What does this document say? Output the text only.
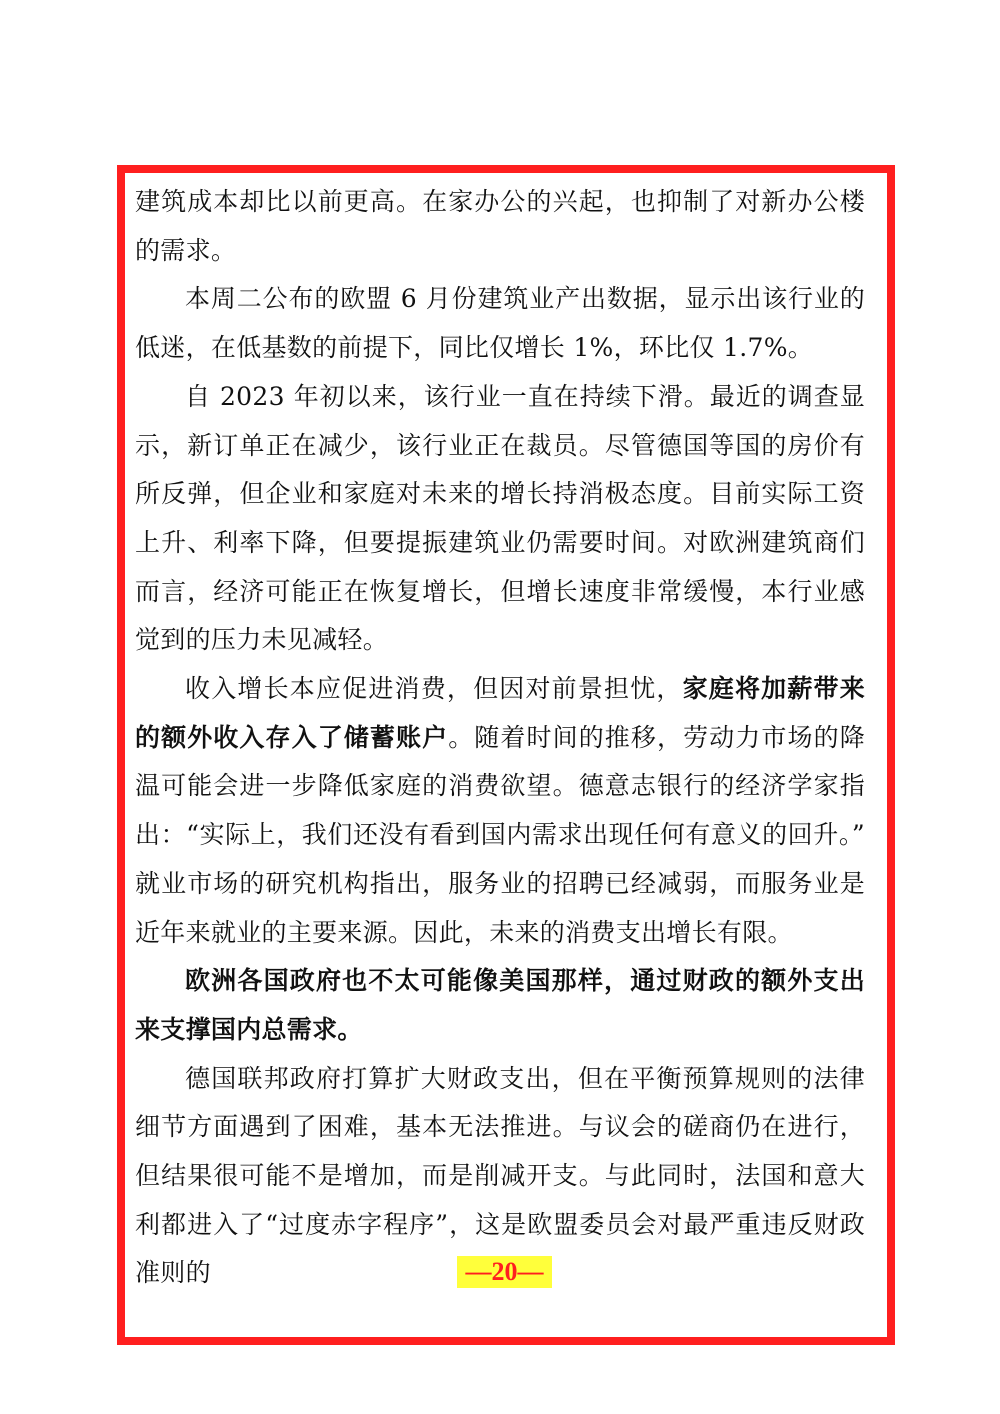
建筑成本却比以前更高。在家办公的兴起，也抑制了对新办公楼的需求。

本周二公布的欧盟 6 月份建筑业产出数据，显示出该行业的低迷，在低基数的前提下，同比仅增长 1%，环比仅 1.7%。

自 2023 年初以来，该行业一直在持续下滑。最近的调查显示，新订单正在减少，该行业正在裁员。尽管德国等国的房价有所反弹，但企业和家庭对未来的增长持消极态度。目前实际工资上升、利率下降，但要提振建筑业仍需要时间。对欧洲建筑商们而言，经济可能正在恢复增长，但增长速度非常缓慢，本行业感觉到的压力未见减轻。

收入增长本应促进消费，但因对前景担忧，家庭将加薪带来的额外收入存入了储蓄账户。随着时间的推移，劳动力市场的降温可能会进一步降低家庭的消费欲望。德意志银行的经济学家指出：“实际上，我们还没有看到国内需求出现任何有意义的回升。” 就业市场的研究机构指出，服务业的招聘已经减弱，而服务业是近年来就业的主要来源。因此，未来的消费支出增长有限。

欧洲各国政府也不太可能像美国那样，通过财政的额外支出来支撑国内总需求。

德国联邦政府打算扩大财政支出，但在平衡预算规则的法律细节方面遇到了困难，基本无法推进。与议会的磋商仍在进行，但结果很可能不是增加，而是削减开支。与此同时，法国和意大利都进入了“过度赤字程序”，这是欧盟委员会对最严重违反财政准则的	—20—
